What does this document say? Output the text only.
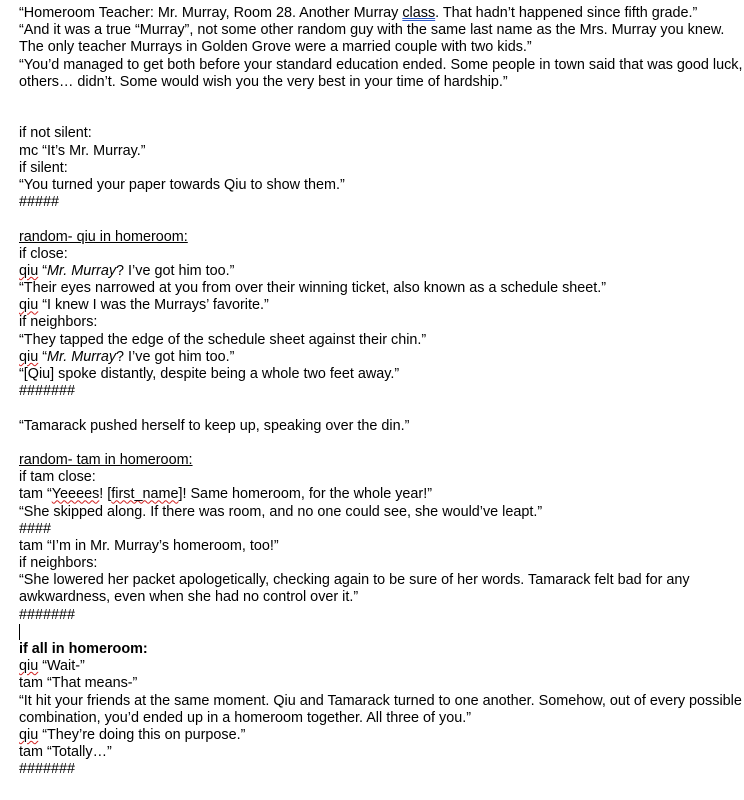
“Homeroom Teacher: Mr. Murray, Room 28. Another Murray class. That hadn’t happened since fifth grade.”
“And it was a true “Murray”, not some other random guy with the same last name as the Mrs. Murray you knew. The only teacher Murrays in Golden Grove were a married couple with two kids.”
“You’d managed to get both before your standard education ended. Some people in town said that was good luck, others… didn’t. Some would wish you the very best in your time of hardship.”
if not silent:
mc “It’s Mr. Murray.”
if silent:
“You turned your paper towards Qiu to show them.”
#####
random- qiu in homeroom:
if close:
qiu “Mr. Murray? I’ve got him too.”
“Their eyes narrowed at you from over their winning ticket, also known as a schedule sheet.”
qiu “I knew I was the Murrays’ favorite.”
if neighbors:
“They tapped the edge of the schedule sheet against their chin.”
qiu “Mr. Murray? I’ve got him too.”
“[Qiu] spoke distantly, despite being a whole two feet away.”
#######
“Tamarack pushed herself to keep up, speaking over the din.”
random- tam in homeroom:
if tam close:
tam “Yeeees! [first_name]! Same homeroom, for the whole year!”
“She skipped along. If there was room, and no one could see, she would’ve leapt.”
####
tam “I’m in Mr. Murray’s homeroom, too!”
if neighbors:
“She lowered her packet apologetically, checking again to be sure of her words. Tamarack felt bad for any awkwardness, even when she had no control over it.”
#######
if all in homeroom:
qiu “Wait-”
tam “That means-”
“It hit your friends at the same moment. Qiu and Tamarack turned to one another. Somehow, out of every possible combination, you’d ended up in a homeroom together. All three of you.”
qiu “They’re doing this on purpose.”
tam “Totally…”
#######
